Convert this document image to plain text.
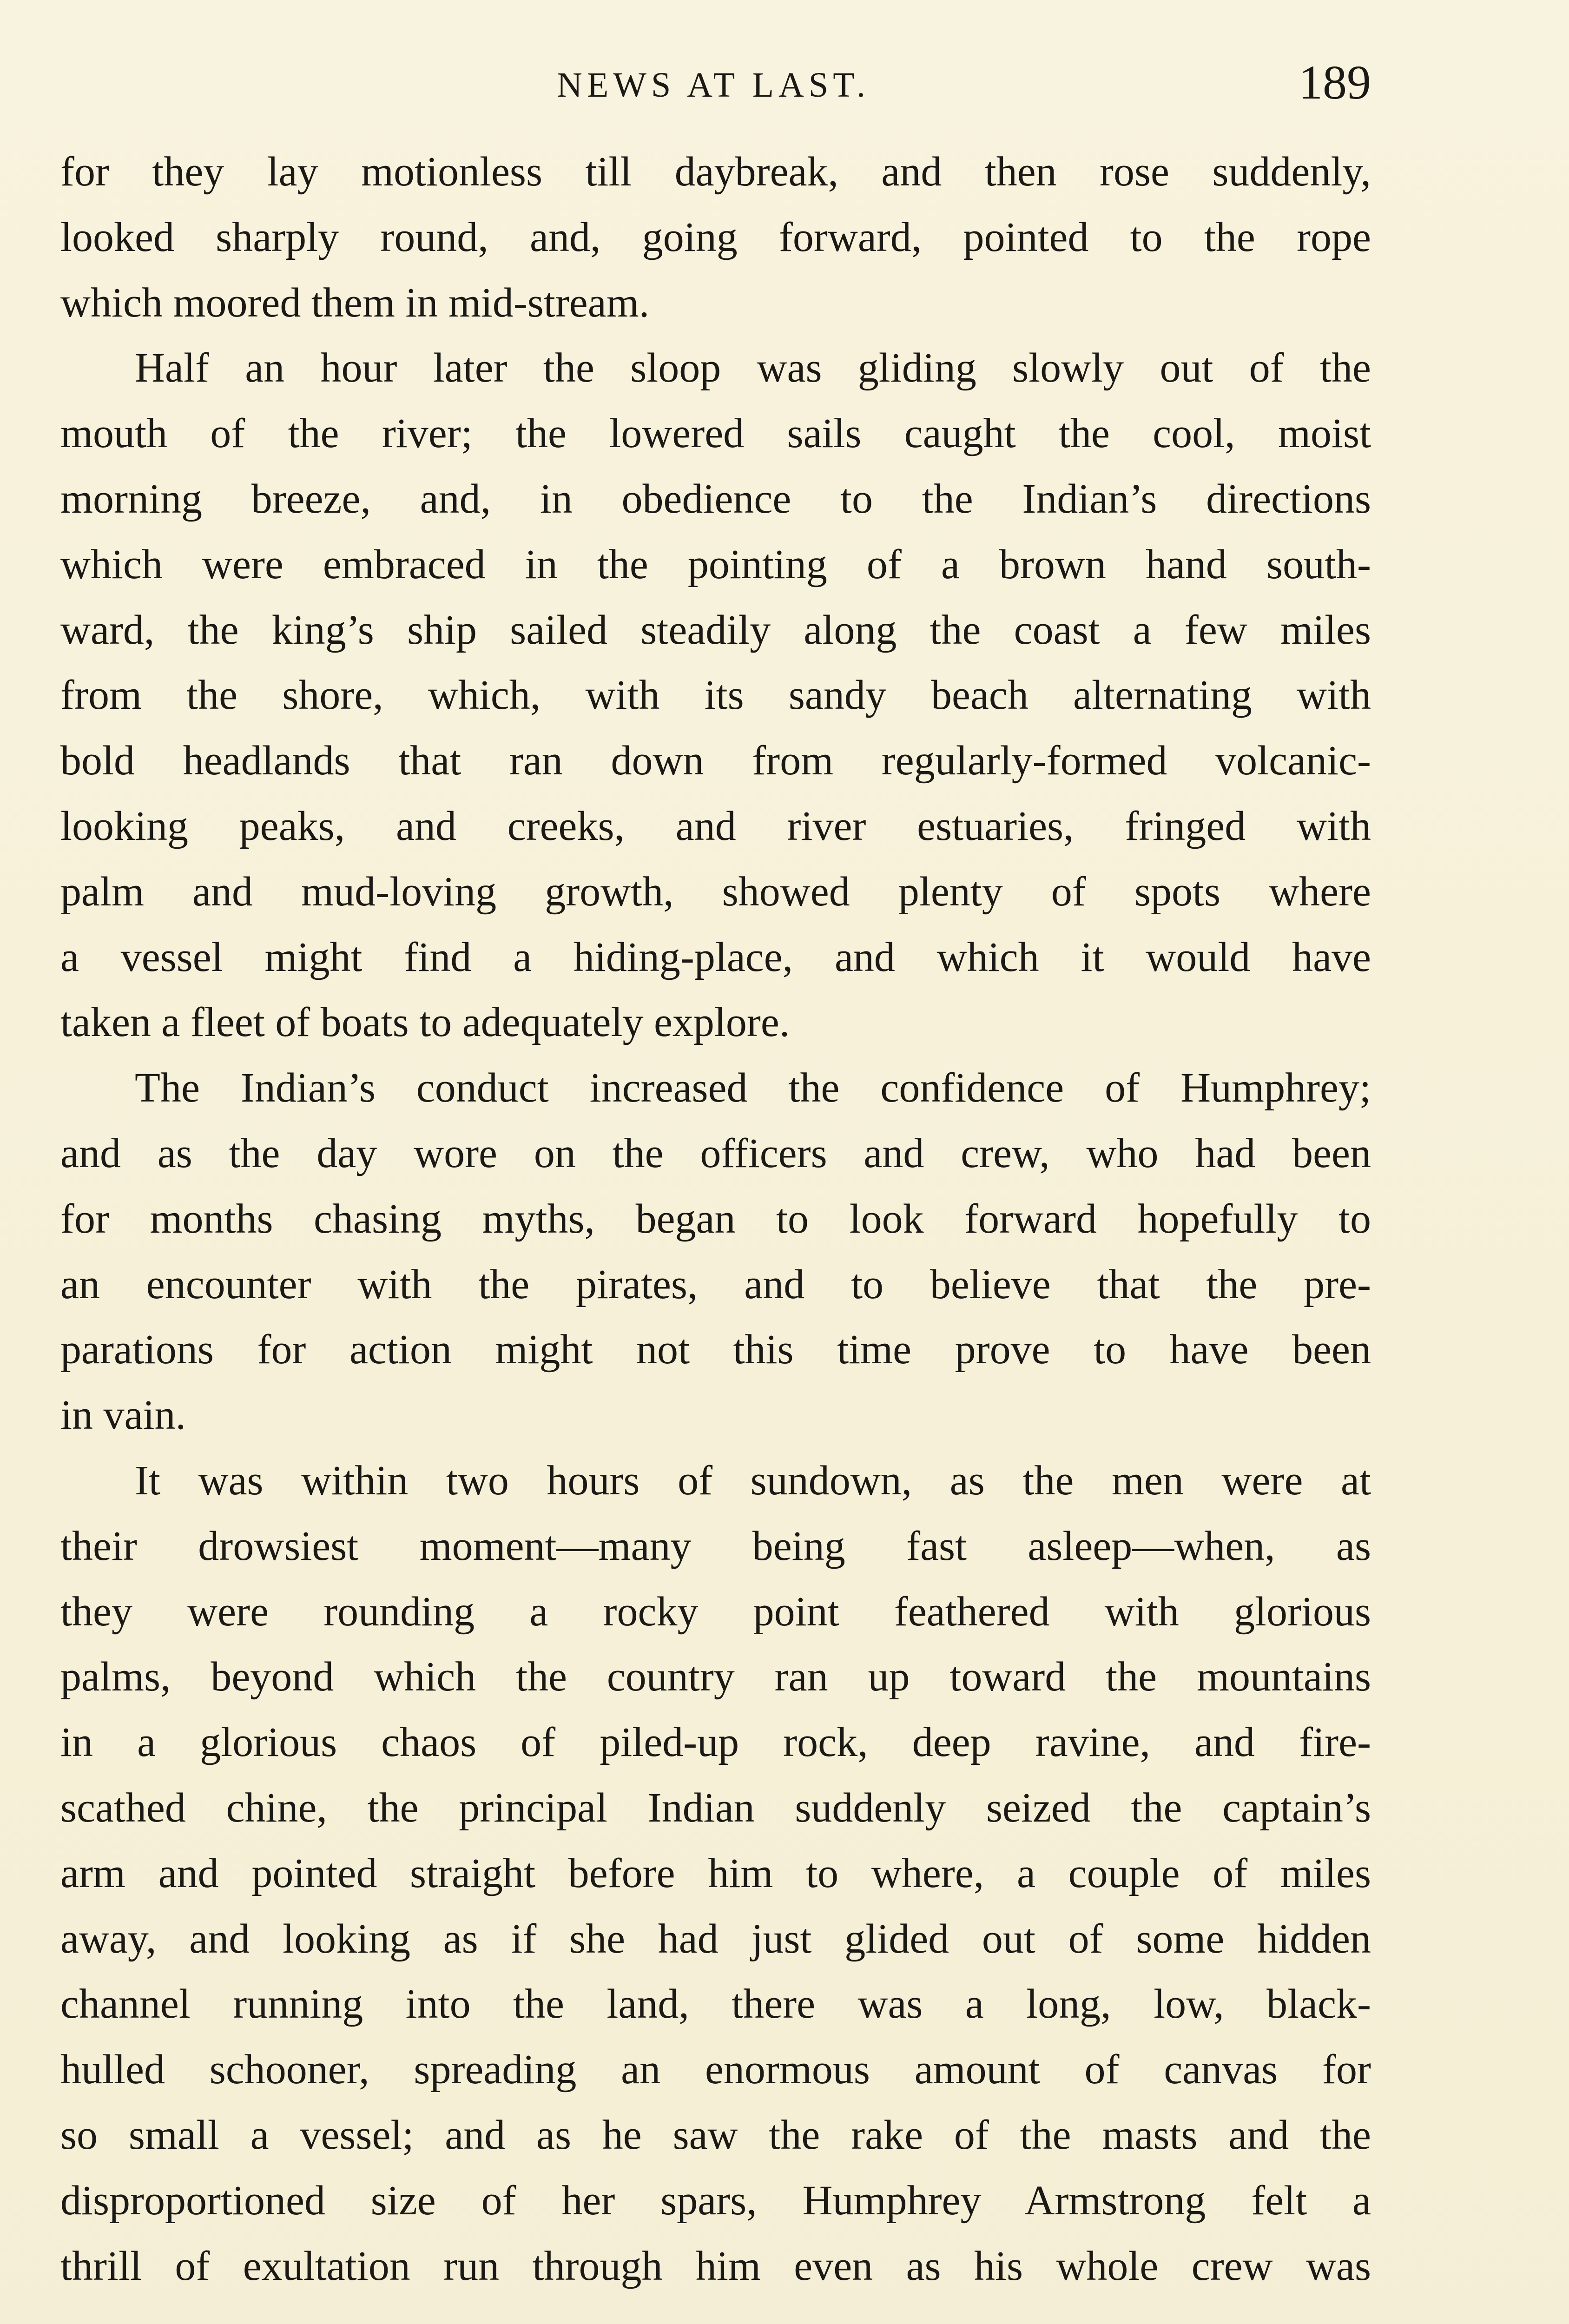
NEWS AT LAST.	189
for they lay motionless till daybreak, and then rose suddenly,
looked sharply round, and, going forward, pointed to the rope
which moored them in mid-stream.
Half an hour later the sloop was gliding slowly out of the
mouth of the river; the lowered sails caught the cool, moist
morning breeze, and, in obedience to the Indian’s directions
which were embraced in the pointing of a brown hand south-
ward, the king’s ship sailed steadily along the coast a few miles
from the shore, which, with its sandy beach alternating with
bold headlands that ran down from regularly-formed volcanic-
looking peaks, and creeks, and river estuaries, fringed with
palm and mud-loving growth, showed plenty of spots where
a vessel might find a hiding-place, and which it would have
taken a fleet of boats to adequately explore.
The Indian’s conduct increased the confidence of Humphrey;
and as the day wore on the officers and crew, who had been
for months chasing myths, began to look forward hopefully to
an encounter with the pirates, and to believe that the pre-
parations for action might not this time prove to have been
in vain.
It was within two hours of sundown, as the men were at
their drowsiest moment—many being fast asleep—when, as
they were rounding a rocky point feathered with glorious
palms, beyond which the country ran up toward the mountains
in a glorious chaos of piled-up rock, deep ravine, and fire-
scathed chine, the principal Indian suddenly seized the captain’s
arm and pointed straight before him to where, a couple of miles
away, and looking as if she had just glided out of some hidden
channel running into the land, there was a long, low, black-
hulled schooner, spreading an enormous amount of canvas for
so small a vessel; and as he saw the rake of the masts and the
disproportioned size of her spars, Humphrey Armstrong felt a
thrill of exultation run through him even as his whole crew was
